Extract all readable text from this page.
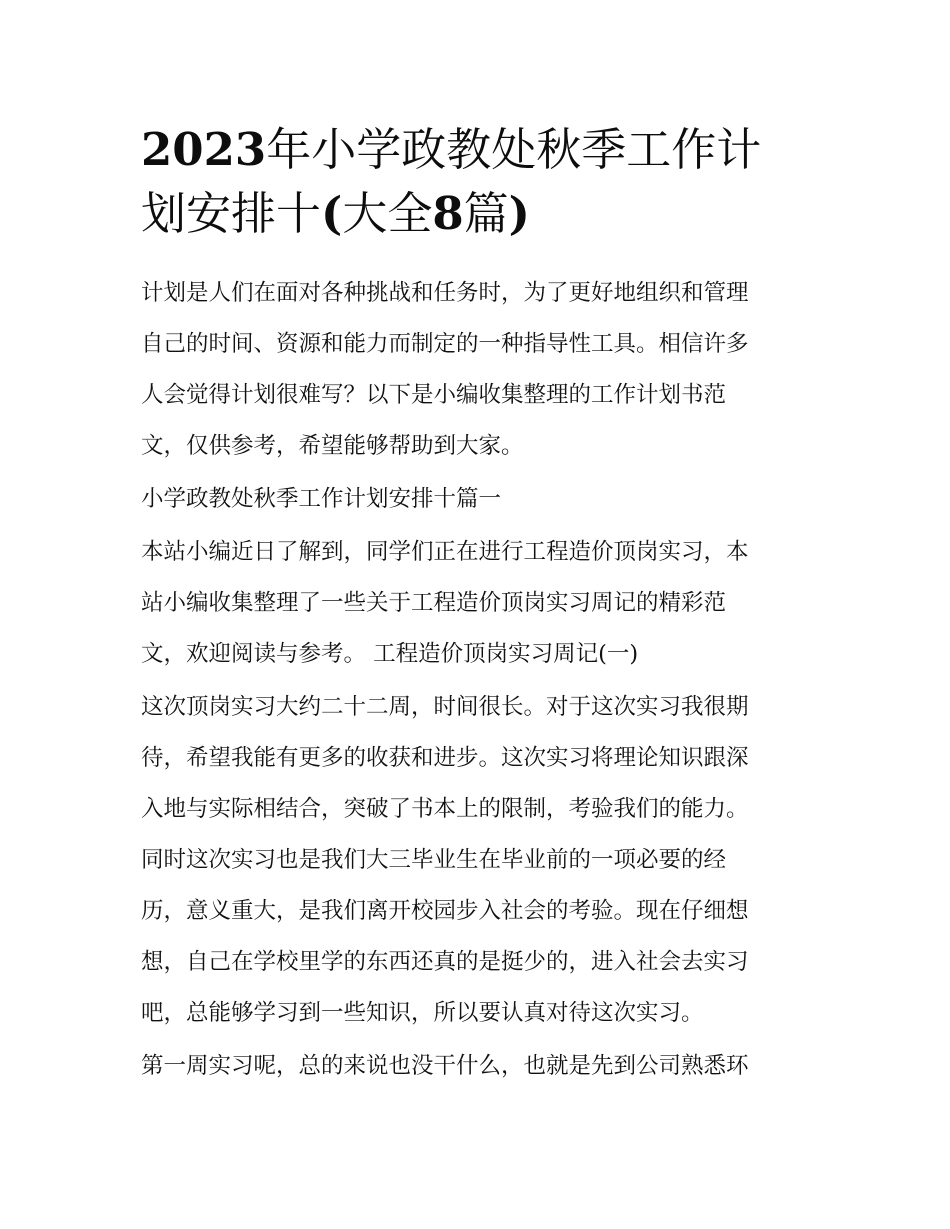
2023年小学政教处秋季工作计
划安排十(大全8篇)

计划是人们在面对各种挑战和任务时，为了更好地组织和管理
自己的时间、资源和能力而制定的一种指导性工具。相信许多
人会觉得计划很难写？以下是小编收集整理的工作计划书范
文，仅供参考，希望能够帮助到大家。

小学政教处秋季工作计划安排十篇一

本站小编近日了解到，同学们正在进行工程造价顶岗实习，本
站小编收集整理了一些关于工程造价顶岗实习周记的精彩范
文，欢迎阅读与参考。 工程造价顶岗实习周记(一)

这次顶岗实习大约二十二周，时间很长。对于这次实习我很期
待，希望我能有更多的收获和进步。这次实习将理论知识跟深
入地与实际相结合，突破了书本上的限制，考验我们的能力。
同时这次实习也是我们大三毕业生在毕业前的一项必要的经
历，意义重大，是我们离开校园步入社会的考验。现在仔细想
想，自己在学校里学的东西还真的是挺少的，进入社会去实习
吧，总能够学习到一些知识，所以要认真对待这次实习。

第一周实习呢，总的来说也没干什么，也就是先到公司熟悉环
